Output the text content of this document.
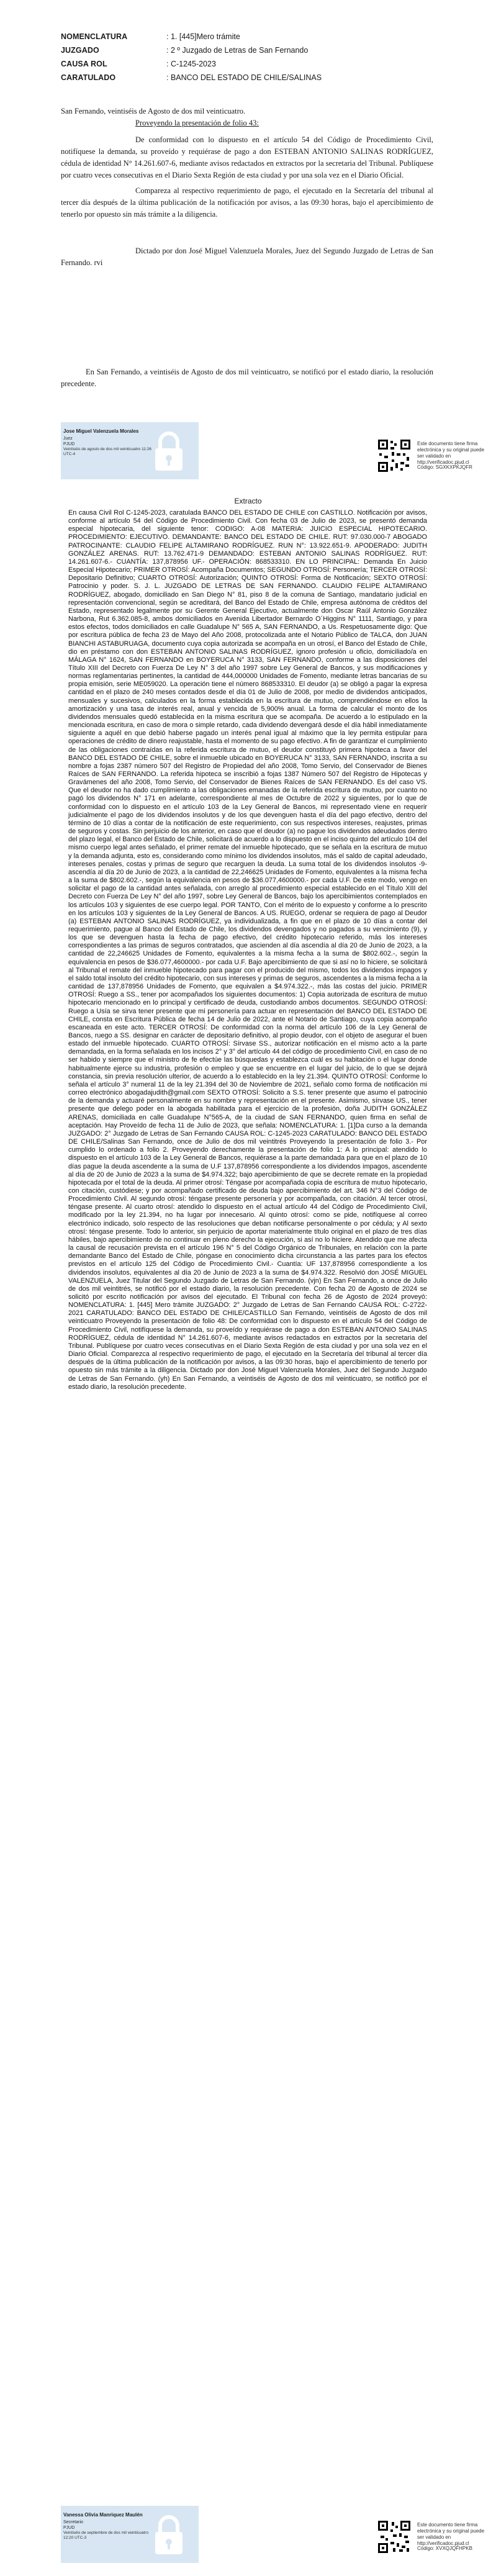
NOMENCLATURA	: 1. [445]Mero trámite
JUZGADO	: 2 º Juzgado de Letras de San Fernando
CAUSA ROL	: C-1245-2023
CARATULADO	: BANCO DEL ESTADO DE CHILE/SALINAS

San Fernando, veintiséis de Agosto de dos mil veinticuatro.

Proveyendo la presentación de folio 43:

De conformidad con lo dispuesto en el artículo 54 del Código de Procedimiento Civil, notifíquese la demanda, su proveído y requiérase de pago a don ESTEBAN ANTONIO SALINAS RODRÍGUEZ, cédula de identidad N° 14.261.607-6, mediante avisos redactados en extractos por la secretaria del Tribunal. Publíquese por cuatro veces consecutivas en el Diario Sexta Región de esta ciudad y por una sola vez en el Diario Oficial.

Compareza al respectivo requerimiento de pago, el ejecutado en la Secretaría del tribunal al tercer día después de la última publicación de la notificación por avisos, a las 09:30 horas, bajo el apercibimiento de tenerlo por opuesto sin más trámite a la diligencia.

Dictado por don José Miguel Valenzuela Morales, Juez del Segundo Juzgado de Letras de San Fernando. rvi

En San Fernando, a veintiséis de Agosto de dos mil veinticuatro, se notificó por el estado diario, la resolución precedente.
Jose Miguel Valenzuela Morales
Juez
PJUD
Veintiséis de agosto de dos mil veinticuatro 11:26 UTC-4
Este documento tiene firma electrónica y su original puede ser validado en http://verificadoc.pjud.cl
Código: SGXKXPKJQFR
Extracto
En causa Civil Rol C-1245-2023, caratulada BANCO DEL ESTADO DE CHILE con CASTILLO. Notificación por avisos, conforme al artículo 54 del Código de Procedimiento Civil. Con fecha 03 de Julio de 2023, se presentó demanda especial hipotecaria, del siguiente tenor: CODIGO: A-08 MATERIA: JUICIO ESPECIAL HIPOTECARIO. PROCEDIMIENTO: EJECUTIVO. DEMANDANTE: BANCO DEL ESTADO DE CHILE. RUT: 97.030.000-7 ABOGADO PATROCINANTE: CLAUDIO FELIPE ALTAMIRANO RODRÍGUEZ. RUN N°: 13.922.651-9. APODERADO: JUDITH GONZÁLEZ ARENAS. RUT: 13.762.471-9 DEMANDADO: ESTEBAN ANTONIO SALINAS RODRÍGUEZ. RUT: 14.261.607-6.- CUANTÍA: 137,878956 UF.- OPERACIÓN: 868533310. EN LO PRINCIPAL: Demanda En Juicio Especial Hipotecario; PRIMER OTROSÍ: Acompaña Documentos; SEGUNDO OTROSÍ: Personería; TERCER OTROSÍ: Depositario Definitivo; CUARTO OTROSÍ: Autorización; QUINTO OTROSÍ: Forma de Notificación; SEXTO OTROSÍ: Patrocinio y poder. S. J. L. JUZGADO DE LETRAS DE SAN FERNANDO. CLAUDIO FELIPE ALTAMIRANO RODRÍGUEZ, abogado, domiciliado en San Diego N° 81, piso 8 de la comuna de Santiago, mandatario judicial en representación convencional, según se acreditará, del Banco del Estado de Chile, empresa autónoma de créditos del Estado, representado legalmente por su Gerente General Ejecutivo, actualmente don Oscar Raúl Antonio González Narbona, Rut 6.362.085-8, ambos domiciliados en Avenida Libertador Bernardo O´Higgins N° 1111, Santiago, y para estos efectos, todos domiciliados en calle Guadalupe N° 565 A, SAN FERNANDO, a Us. Respetuosamente digo: Que por escritura pública de fecha 23 de Mayo del Año 2008, protocolizada ante el Notario Público de TALCA, don JUAN BIANCHI ASTABURUAGA, documento cuya copia autorizada se acompaña en un otrosí, el Banco del Estado de Chile, dio en préstamo con don ESTEBAN ANTONIO SALINAS RODRÍGUEZ, ignoro profesión u oficio, domiciliado/a en MÁLAGA N° 1624, SAN FERNANDO en BOYERUCA N° 3133, SAN FERNANDO, conforme a las disposiciones del Título XIII del Decreto con Fuerza De Ley N° 3 del año 1997 sobre Ley General de Bancos, y sus modificaciones y normas reglamentarias pertinentes, la cantidad de 444,000000 Unidades de Fomento, mediante letras bancarias de su propia emisión, serie ME059020. La operación tiene el número 868533310. El deudor (a) se obligó a pagar la expresa cantidad en el plazo de 240 meses contados desde el día 01 de Julio de 2008, por medio de dividendos anticipados, mensuales y sucesivos, calculados en la forma establecida en la escritura de mutuo, comprendiéndose en ellos la amortización y una tasa de interés real, anual y vencida de 5,900% anual. La forma de calcular el monto de los dividendos mensuales quedó establecida en la misma escritura que se acompaña. De acuerdo a lo estipulado en la mencionada escritura, en caso de mora o simple retardo, cada dividendo devengará desde el día hábil inmediatamente siguiente a aquél en que debió haberse pagado un interés penal igual al máximo que la ley permita estipular para operaciones de crédito de dinero reajustable, hasta el momento de su pago efectivo. A fin de garantizar el cumplimiento de las obligaciones contraídas en la referida escritura de mutuo, el deudor constituyó primera hipoteca a favor del BANCO DEL ESTADO DE CHILE, sobre el inmueble ubicado en BOYERUCA N° 3133, SAN FERNANDO, inscrita a su nombre a fojas 2387 número 507 del Registro de Propiedad del año 2008, Tomo Servio, del Conservador de Bienes Raíces de SAN FERNANDO. La referida hipoteca se inscribió a fojas 1387 Número 507 del Registro de Hipotecas y Gravámenes del año 2008, Tomo Servio, del Conservador de Bienes Raíces de SAN FERNANDO. Es del caso VS. Que el deudor no ha dado cumplimiento a las obligaciones emanadas de la referida escritura de mutuo, por cuanto no pagó los dividendos N° 171 en adelante, correspondiente al mes de Octubre de 2022 y siguientes, por lo que de conformidad con lo dispuesto en el artículo 103 de la Ley General de Bancos, mi representado viene en requerir judicialmente el pago de los dividendos insolutos y de los que devenguen hasta el día del pago efectivo, dentro del término de 10 días a contar de la notificación de este requerimiento, con sus respectivos intereses, reajustes, primas de seguros y costas. Sin perjuicio de los anterior, en caso que el deudor (a) no pague los dividendos adeudados dentro del plazo legal, el Banco del Estado de Chile, solicitará de acuerdo a lo dispuesto en el inciso quinto del artículo 104 del mismo cuerpo legal antes señalado, el primer remate del inmueble hipotecado, que se señala en la escritura de mutuo y la demanda adjunta, esto es, considerando como mínimo los dividendos insolutos, más el saldo de capital adeudado, intereses penales, costas y primas de seguro que recarguen la deuda. La suma total de los dividendos insolutos -9- ascendía al día 20 de Junio de 2023, a la cantidad de 22,246625 Unidades de Fomento, equivalentes a la misma fecha a la suma de $802.602.-, según la equivalencia en pesos de $36.077,4600000.- por cada U.F. De este modo, vengo en solicitar el pago de la cantidad antes señalada, con arreglo al procedimiento especial establecido en el Título XIII del Decreto con Fuerza De Ley N° del año 1997, sobre Ley General de Bancos, bajo los apercibimientos contemplados en los artículos 103 y siguientes de ese cuerpo legal. POR TANTO, Con el mérito de lo expuesto y conforme a lo prescrito en los artículos 103 y siguientes de la Ley General de Bancos. A US. RUEGO, ordenar se requiera de pago al Deudor (a) ESTEBAN ANTONIO SALINAS RODRÍGUEZ, ya individualizada, a fin que en el plazo de 10 días a contar del requerimiento, pague al Banco del Estado de Chile, los dividendos devengados y no pagados a su vencimiento (9), y los que se devenguen hasta la fecha de pago efectivo, del crédito hipotecario referido, más los intereses correspondientes a las primas de seguros contratados, que ascienden al día ascendía al día 20 de Junio de 2023, a la cantidad de 22,246625 Unidades de Fomento, equivalentes a la misma fecha a la suma de $802.602.-, según la equivalencia en pesos de $36.077,4600000.- por cada U.F. Bajo apercibimiento de que si así no lo hiciere, se solicitará al Tribunal el remate del inmueble hipotecado para pagar con el producido del mismo, todos los dividendos impagos y el saldo total insoluto del crédito hipotecario, con sus intereses y primas de seguros, ascendentes a la misma fecha a la cantidad de 137,878956 Unidades de Fomento, que equivalen a $4.974.322.-, más las costas del juicio. PRIMER OTROSÍ: Ruego a SS., tener por acompañados los siguientes documentos: 1) Copia autorizada de escritura de mutuo hipotecario mencionado en lo principal y certificado de deuda, custodiando ambos documentos. SEGUNDO OTROSÍ: Ruego a Usía se sirva tener presente que mi personería para actuar en representación del BANCO DEL ESTADO DE CHILE, consta en Escritura Pública de fecha 14 de Julio de 2022, ante el Notario de Santiago, cuya copia acompaño escaneada en este acto. TERCER OTROSÍ: De conformidad con la norma del artículo 106 de la Ley General de Bancos, ruego a SS. designar en carácter de depositario definitivo, al propio deudor, con el objeto de asegurar el buen estado del inmueble hipotecado. CUARTO OTROSÍ: Sírvase SS., autorizar notificación en el mismo acto a la parte demandada, en la forma señalada en los incisos 2° y 3° del artículo 44 del código de procedimiento Civil, en caso de no ser habido y siempre que el ministro de fe efectúe las búsquedas y establezca cuál es su habitación o el lugar donde habitualmente ejerce su industria, profesión o empleo y que se encuentre en el lugar del juicio, de lo que se dejará constancia, sin previa resolución ulterior, de acuerdo a lo establecido en la ley 21.394. QUINTO OTROSÍ: Conforme lo señala el artículo 3° numeral 11 de la ley 21.394 del 30 de Noviembre de 2021, señalo como forma de notificación mi correo electrónico abogadajudith@gmail.com SEXTO OTROSÍ: Solicito a S.S. tener presente que asumo el patrocinio de la demanda y actuaré personalmente en su nombre y representación en el presente. Asimismo, sírvase US., tener presente que delego poder en la abogada habilitada para el ejercicio de la profesión, doña JUDITH GONZÁLEZ ARENAS, domiciliada en calle Guadalupe N°565-A, de la ciudad de SAN FERNANDO, quien firma en señal de aceptación. Hay Proveído de fecha 11 de Julio de 2023, que señala: NOMENCLATURA: 1. [1]Da curso a la demanda JUZGADO: 2° Juzgado de Letras de San Fernando CAUSA ROL: C-1245-2023 CARATULADO: BANCO DEL ESTADO DE CHILE/Salinas San Fernando, once de Julio de dos mil veintitrés Proveyendo la presentación de folio 3.- Por cumplido lo ordenado a folio 2. Proveyendo derechamente la presentación de folio 1: A lo principal: atendido lo dispuesto en el artículo 103 de la Ley General de Bancos, requiérase a la parte demandada para que en el plazo de 10 días pague la deuda ascendente a la suma de U.F 137,878956 correspondiente a los dividendos impagos, ascendente al día de 20 de Junio de 2023 a la suma de $4.974.322; bajo apercibimiento de que se decrete remate en la propiedad hipotecada por el total de la deuda. Al primer otrosí: Téngase por acompañada copia de escritura de mutuo hipotecario, con citación, custódiese; y por acompañado certificado de deuda bajo apercibimiento del art. 346 N°3 del Código de Procedimiento Civil. Al segundo otrosí: téngase presente personería y por acompañada, con citación. Al tercer otrosí, téngase presente. Al cuarto otrosí: atendido lo dispuesto en el actual artículo 44 del Código de Procedimiento Civil, modificado por la ley 21.394, no ha lugar por innecesario. Al quinto otrosí: como se pide, notifíquese al correo electrónico indicado, solo respecto de las resoluciones que deban notificarse personalmente o por cédula; y Al sexto otrosí: téngase presente. Todo lo anterior, sin perjuicio de aportar materialmente título original en el plazo de tres días hábiles, bajo apercibimiento de no continuar en pleno derecho la ejecución, si así no lo hiciere. Atendido que me afecta la causal de recusación prevista en el artículo 196 N° 5 del Código Orgánico de Tribunales, en relación con la parte demandante Banco del Estado de Chile, póngase en conocimiento dicha circunstancia a las partes para los efectos previstos en el artículo 125 del Código de Procedimiento Civil.- Cuantía: UF 137,878956 correspondiente a los dividendos insolutos, equivalentes al día 20 de Junio de 2023 a la suma de $4.974.322. Resolvió don JOSÉ MIGUEL VALENZUELA, Juez Titular del Segundo Juzgado de Letras de San Fernando. (vjn) En San Fernando, a once de Julio de dos mil veintitrés, se notificó por el estado diario, la resolución precedente. Con fecha 20 de Agosto de 2024 se solicitó por escrito notificación por avisos del ejecutado. El Tribunal con fecha 26 de Agosto de 2024 proveyó: NOMENCLATURA: 1. [445] Mero trámite JUZGADO: 2° Juzgado de Letras de San Fernando CAUSA ROL: C-2722-2021 CARATULADO: BANCO DEL ESTADO DE CHILE/CASTILLO San Fernando, veintiséis de Agosto de dos mil veinticuatro Proveyendo la presentación de folio 48: De conformidad con lo dispuesto en el artículo 54 del Código de Procedimiento Civil, notifíquese la demanda, su proveído y requiérase de pago a don ESTEBAN ANTONIO SALINAS RODRÍGUEZ, cédula de identidad N° 14.261.607-6, mediante avisos redactados en extractos por la secretaria del Tribunal. Publíquese por cuatro veces consecutivas en el Diario Sexta Región de esta ciudad y por una sola vez en el Diario Oficial. Comparezca al respectivo requerimiento de pago, el ejecutado en la Secretaría del tribunal al tercer día después de la última publicación de la notificación por avisos, a las 09:30 horas, bajo el apercibimiento de tenerlo por opuesto sin más trámite a la diligencia. Dictado por don José Miguel Valenzuela Morales, Juez del Segundo Juzgado de Letras de San Fernando. (yh) En San Fernando, a veintiséis de Agosto de dos mil veinticuatro, se notificó por el estado diario, la resolución precedente.
Vanessa Olivia Manriquez Maulén
Secretario
PJUD
Veintiséis de septiembre de dos mil veinticuatro 12:20 UTC-3
Este documento tiene firma electrónica y su original puede ser validado en http://verificadoc.pjud.cl
Código: XVXQJQFHPKB
